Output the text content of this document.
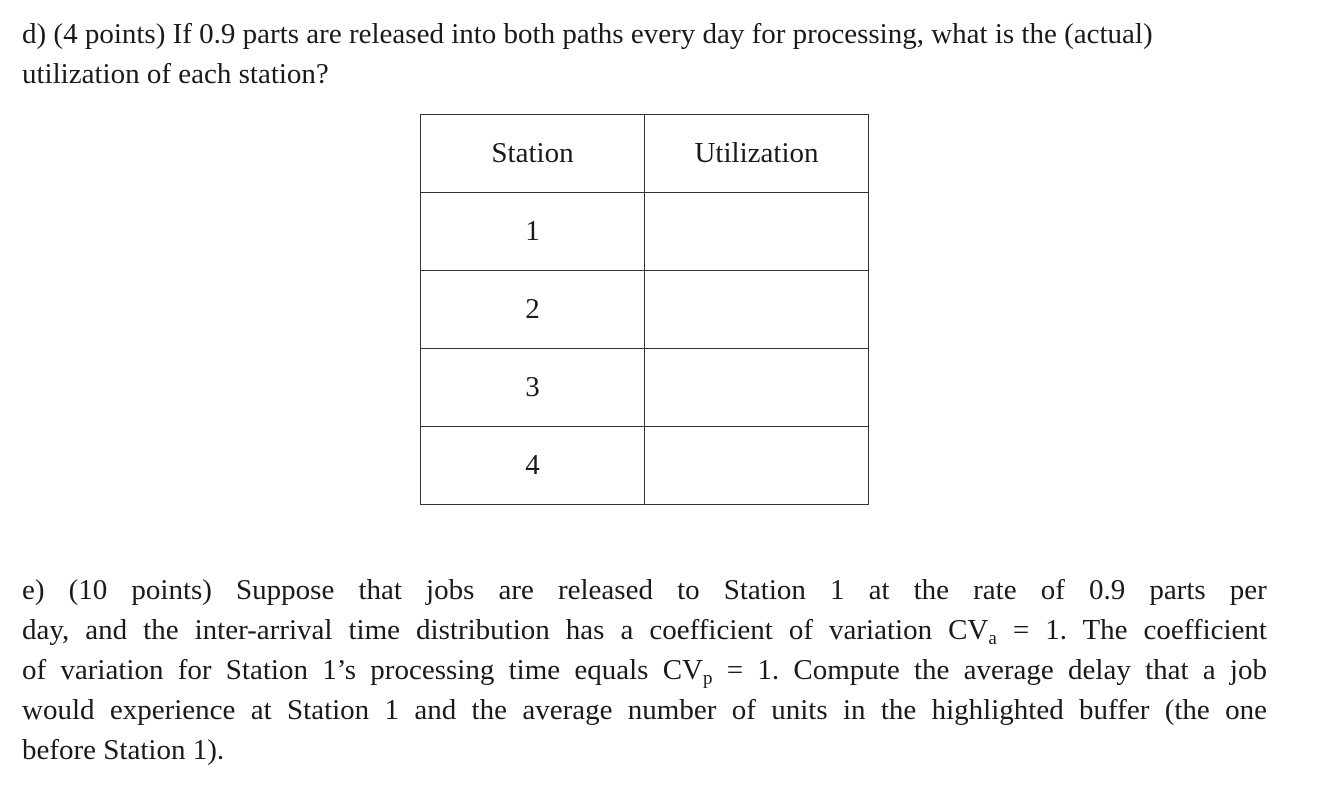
d) (4 points) If 0.9 parts are released into both paths every day for processing, what is the (actual)
utilization of each station?
Station	Utilization
1	
2	
3	
4	
e) (10 points) Suppose that jobs are released to Station 1 at the rate of 0.9 parts per
day, and the inter-arrival time distribution has a coefficient of variation $CV_a = 1$. The coefficient
of variation for Station 1’s processing time equals $CV_p = 1$. Compute the average delay that a job
would experience at Station 1 and the average number of units in the highlighted buffer (the one
before Station 1).
